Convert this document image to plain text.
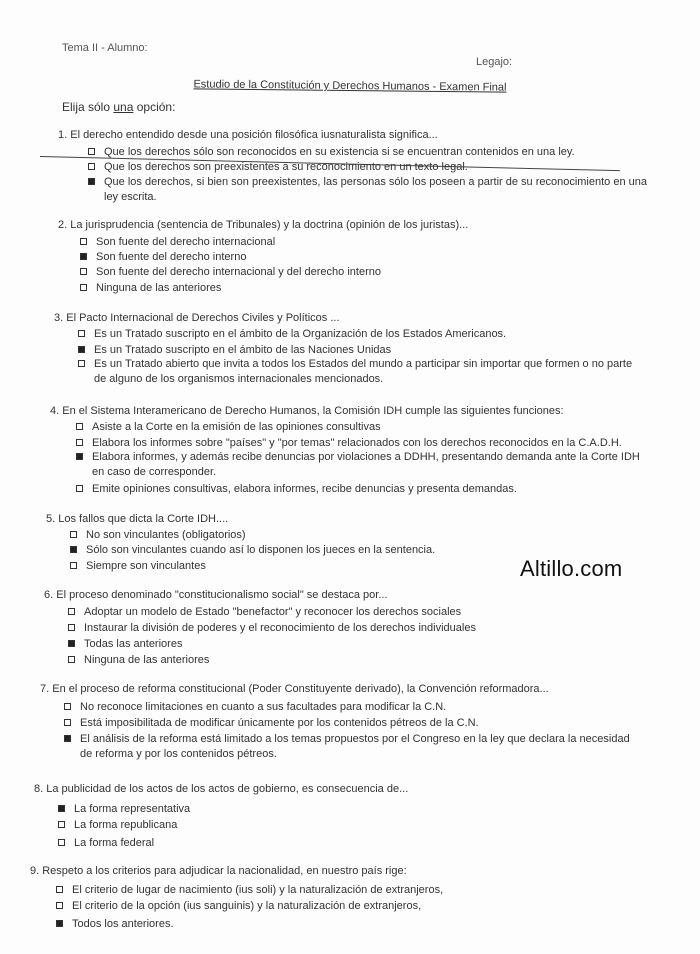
Tema II - Alumno:
Legajo:
Estudio de la Constitución y Derechos Humanos - Examen Final
Elija sólo una opción:
1. El derecho entendido desde una posición filosófica iusnaturalista significa...
Que los derechos sólo son reconocidos en su existencia si se encuentran contenidos en una ley.
Que los derechos son preexistentes a su reconocimiento en un texto legal.
Que los derechos, si bien son preexistentes, las personas sólo los poseen a partir de su reconocimiento en una ley escrita.
2. La jurisprudencia (sentencia de Tribunales) y la doctrina (opinión de los juristas)...
Son fuente del derecho internacional
Son fuente del derecho interno
Son fuente del derecho internacional y del derecho interno
Ninguna de las anteriores
3. El Pacto Internacional de Derechos Civiles y Políticos ...
Es un Tratado suscripto en el ámbito de la Organización de los Estados Americanos.
Es un Tratado suscripto en el ámbito de las Naciones Unidas
Es un Tratado abierto que invita a todos los Estados del mundo a participar sin importar que formen o no parte de alguno de los organismos internacionales mencionados.
4. En el Sistema Interamericano de Derecho Humanos, la Comisión IDH cumple las siguientes funciones:
Asiste a la Corte en la emisión de las opiniones consultivas
Elabora los informes sobre "países" y "por temas" relacionados con los derechos reconocidos en la C.A.D.H.
Elabora informes, y además recibe denuncias por violaciones a DDHH, presentando demanda ante la Corte IDH en caso de corresponder.
Emite opiniones consultivas, elabora informes, recibe denuncias y presenta demandas.
5. Los fallos que dicta la Corte IDH....
No son vinculantes (obligatorios)
Sólo son vinculantes cuando así lo disponen los jueces en la sentencia.
Siempre son vinculantes
6. El proceso denominado "constitucionalismo social" se destaca por...
Adoptar un modelo de Estado "benefactor" y reconocer los derechos sociales
Instaurar la división de poderes y el reconocimiento de los derechos individuales
Todas las anteriores
Ninguna de las anteriores
7. En el proceso de reforma constitucional (Poder Constituyente derivado), la Convención reformadora...
No reconoce limitaciones en cuanto a sus facultades para modificar la C.N.
Está imposibilitada de modificar únicamente por los contenidos pétreos de la C.N.
El análisis de la reforma está limitado a los temas propuestos por el Congreso en la ley que declara la necesidad de reforma y por los contenidos pétreos.
8. La publicidad de los actos de los actos de gobierno, es consecuencia de...
La forma representativa
La forma republicana
La forma federal
9. Respeto a los criterios para adjudicar la nacionalidad, en nuestro país rige:
El criterio de lugar de nacimiento (ius soli) y la naturalización de extranjeros,
El criterio de la opción (ius sanguinis) y la naturalización de extranjeros,
Todos los anteriores.
Altillo.com
